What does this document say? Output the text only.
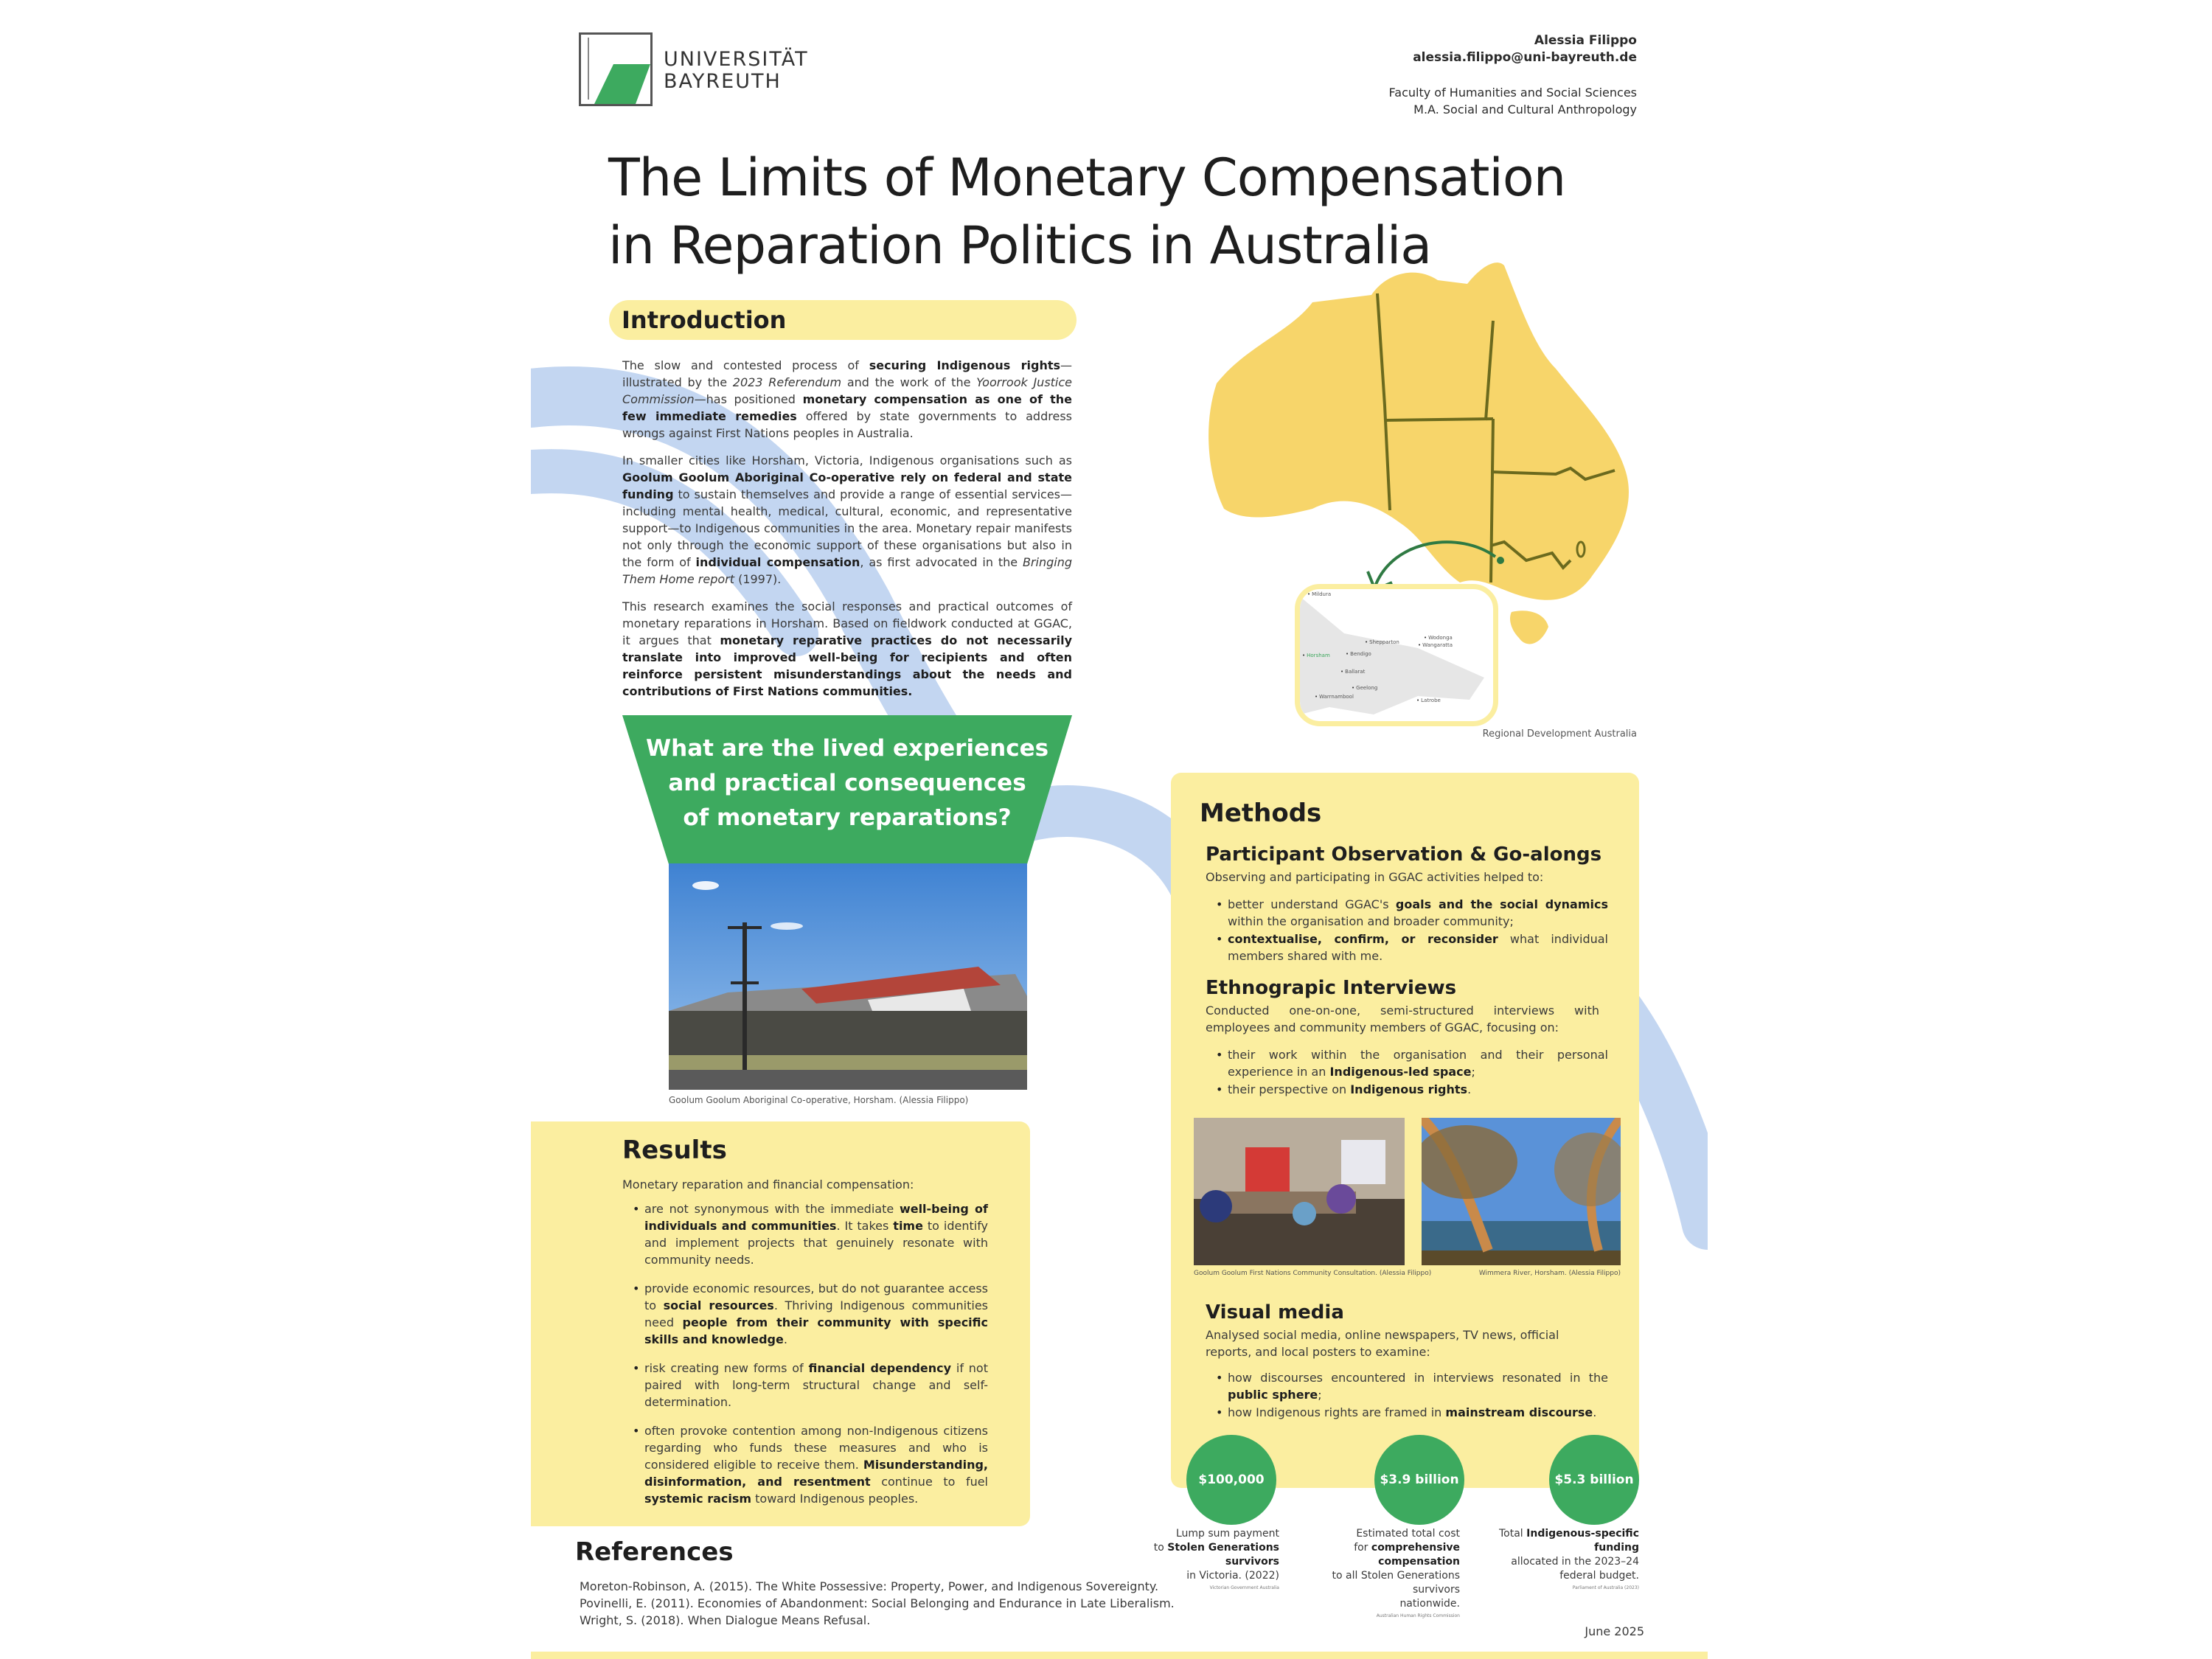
UNIVERSITÄT
BAYREUTH
Alessia Filippo
alessia.filippo@uni-bayreuth.de
Faculty of Humanities and Social Sciences
M.A. Social and Cultural Anthropology
The Limits of Monetary Compensation
in Reparation Politics in Australia
Introduction

The slow and contested process of securing Indigenous rights—illustrated by the 2023 Referendum and the work of the Yoorrook Justice Commission—has positioned monetary compensation as one of the few immediate remedies offered by state governments to address wrongs against First Nations peoples in Australia.

In smaller cities like Horsham, Victoria, Indigenous organisations such as Goolum Goolum Aboriginal Co-operative rely on federal and state funding to sustain themselves and provide a range of essential services—including mental health, medical, cultural, economic, and representative support—to Indigenous communities in the area. Monetary repair manifests not only through the economic support of these organisations but also in the form of individual compensation, as first advocated in the Bringing Them Home report (1997).

This research examines the social responses and practical outcomes of monetary reparations in Horsham. Based on fieldwork conducted at GGAC, it argues that monetary reparative practices do not necessarily translate into improved well-being for recipients and often reinforce persistent misunderstandings about the needs and contributions of First Nations communities.

What are the lived experiences
and practical consequences
of monetary reparations?
Goolum Goolum Aboriginal Co-operative, Horsham. (Alessia Filippo)
Results
Monetary reparation and financial compensation:
• are not synonymous with the immediate well-being of individuals and communities. It takes time to identify and implement projects that genuinely resonate with community needs.
• provide economic resources, but do not guarantee access to social resources. Thriving Indigenous communities need people from their community with specific skills and knowledge.
• risk creating new forms of financial dependency if not paired with long-term structural change and self-determination.
• often provoke contention among non-Indigenous citizens regarding who funds these measures and who is considered eligible to receive them. Misunderstanding, disinformation, and resentment continue to fuel systemic racism toward Indigenous peoples.
References
Moreton-Robinson, A. (2015). The White Possessive: Property, Power, and Indigenous Sovereignty.
Povinelli, E. (2011). Economies of Abandonment: Social Belonging and Endurance in Late Liberalism.
Wright, S. (2018). When Dialogue Means Refusal.
June 2025
• Mildura
• Shepparton
• Wodonga
• Wangaratta
• Horsham	• Bendigo
• Ballarat
• Geelong
• Warrnambool
• Latrobe
Regional Development Australia
Methods
Participant Observation & Go-alongs
Observing and participating in GGAC activities helped to:
• better understand GGAC's goals and the social dynamics within the organisation and broader community;
• contextualise, confirm, or reconsider what individual members shared with me.
Ethnograpic Interviews
Conducted one-on-one, semi-structured interviews with employees and community members of GGAC, focusing on:
• their work within the organisation and their personal experience in an Indigenous-led space;
• their perspective on Indigenous rights.
Goolum Goolum First Nations Community Consultation. (Alessia Filippo)	Wimmera River, Horsham. (Alessia Filippo)
Visual media
Analysed social media, online newspapers, TV news, official reports, and local posters to examine:
• how discourses encountered in interviews resonated in the public sphere;
• how Indigenous rights are framed in mainstream discourse.
$100,000	$3.9 billion	$5.3 billion
Lump sum payment
to Stolen Generations
survivors
in Victoria. (2022)
Victorian Government Australia
Estimated total cost
for comprehensive compensation
to all Stolen Generations survivors
nationwide.
Australian Human Rights Commission
Total Indigenous-specific funding
allocated in the 2023–24
federal budget.
Parliament of Australia (2023)
